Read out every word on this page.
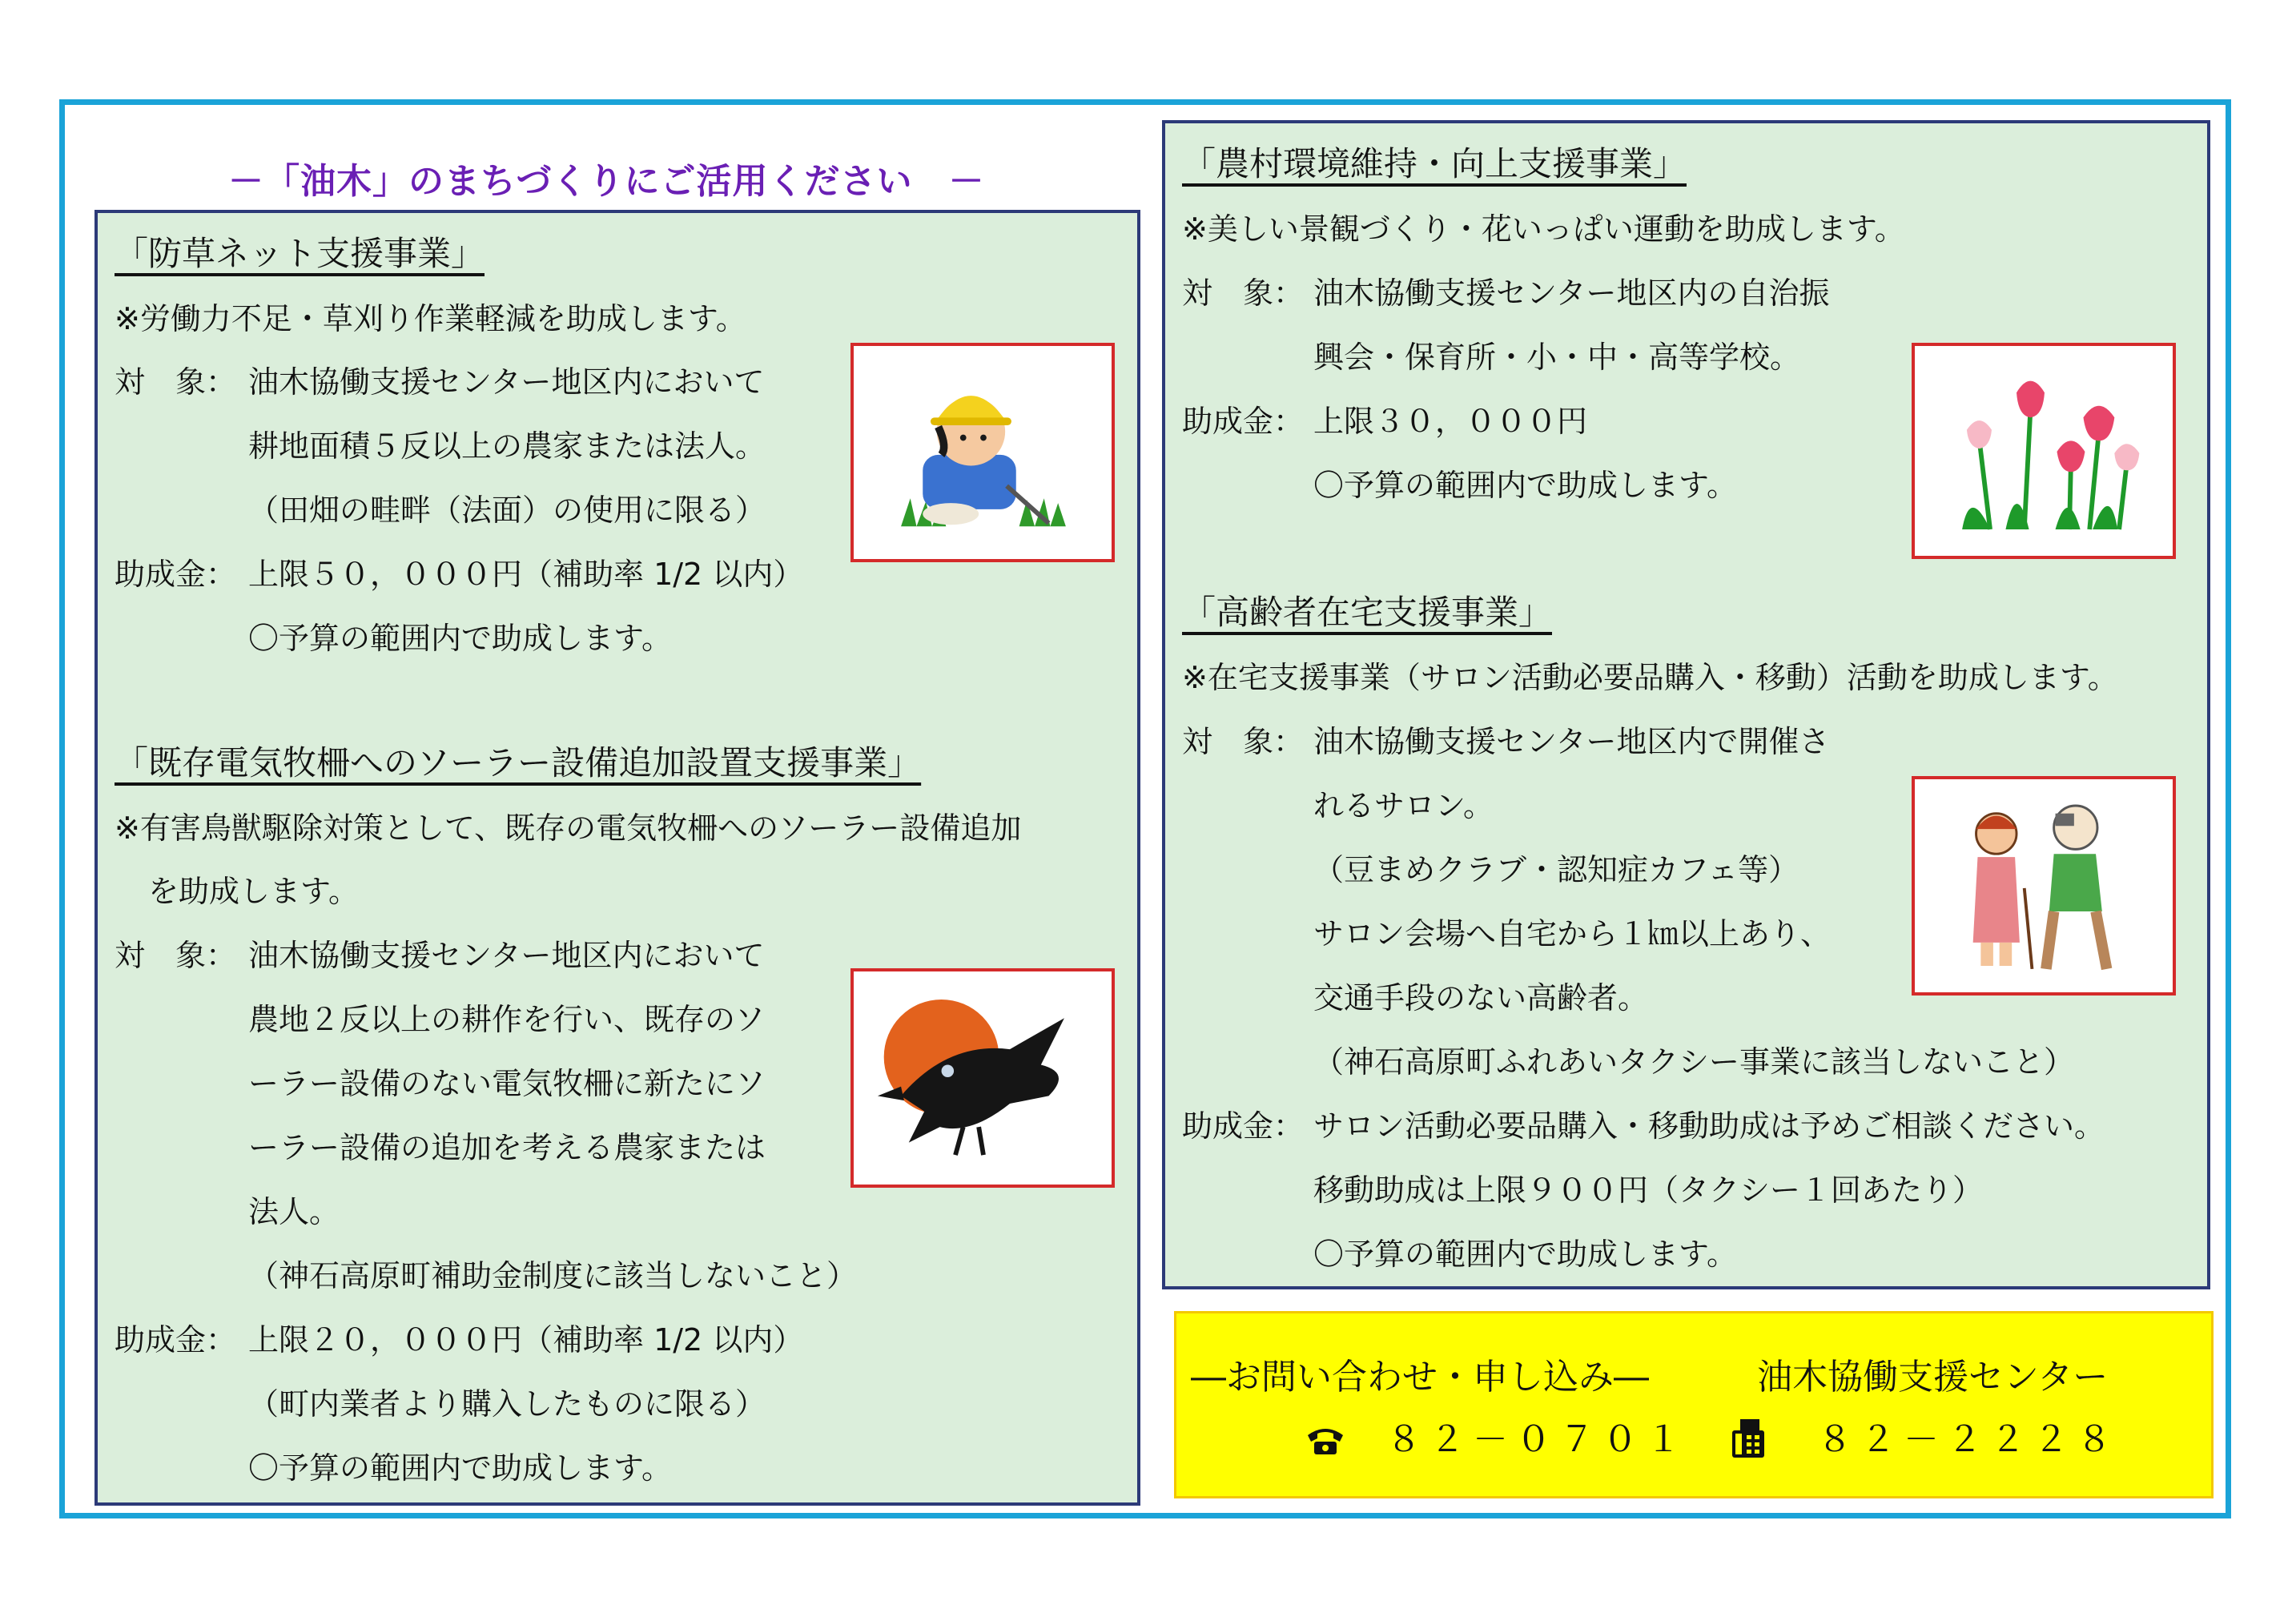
－「油木」のまちづくりにご活用ください　－
「防草ネット支援事業」
※労働力不足・草刈り作業軽減を助成します。
対　象： 油木協働支援センター地区内において
耕地面積５反以上の農家または法人。
（田畑の畦畔（法面）の使用に限る）
助成金： 上限５０，０００円（補助率 1/2 以内）
〇予算の範囲内で助成します。
「既存電気牧柵へのソーラー設備追加設置支援事業」
※有害鳥獣駆除対策として、既存の電気牧柵へのソーラー設備追加
を助成します。
対　象： 油木協働支援センター地区内において
農地２反以上の耕作を行い、既存のソ
ーラー設備のない電気牧柵に新たにソ
ーラー設備の追加を考える農家または
法人。
（神石高原町補助金制度に該当しないこと）
助成金： 上限２０，０００円（補助率 1/2 以内）
（町内業者より購入したものに限る）
〇予算の範囲内で助成します。
「農村環境維持・向上支援事業」
※美しい景観づくり・花いっぱい運動を助成します。
対　象： 油木協働支援センター地区内の自治振
興会・保育所・小・中・高等学校。
助成金： 上限３０，０００円
〇予算の範囲内で助成します。
「高齢者在宅支援事業」
※在宅支援事業（サロン活動必要品購入・移動）活動を助成します。
対　象： 油木協働支援センター地区内で開催さ
れるサロン。
（豆まめクラブ・認知症カフェ等）
サロン会場へ自宅から１㎞以上あり、
交通手段のない高齢者。
（神石高原町ふれあいタクシー事業に該当しないこと）
助成金： サロン活動必要品購入・移動助成は予めご相談ください。
移動助成は上限９００円（タクシー１回あたり）
〇予算の範囲内で助成します。
―お問い合わせ・申し込み―	油木協働支援センター
８２－０７０１	８２－２２２８
